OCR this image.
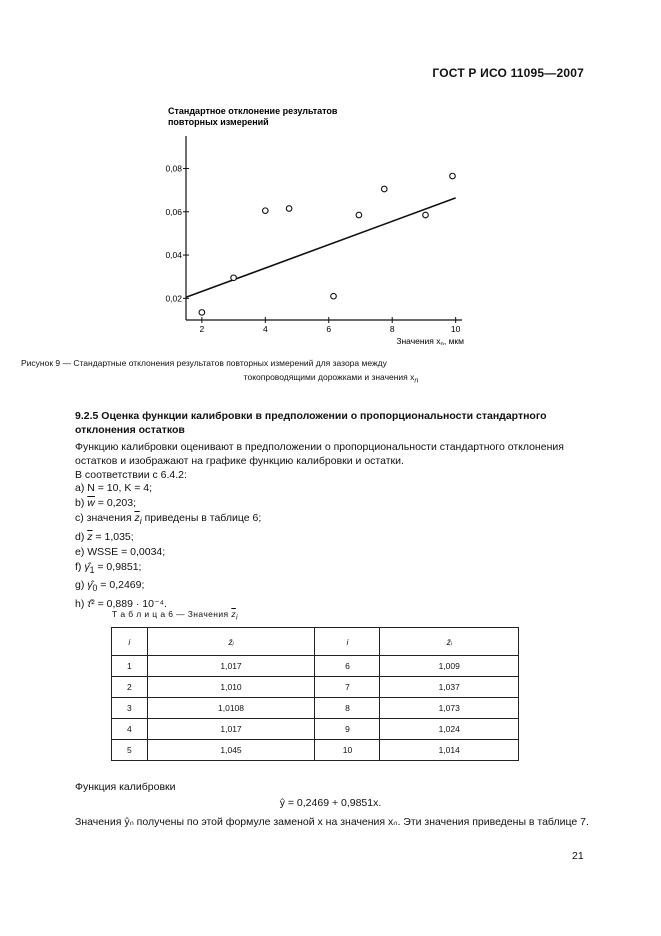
ГОСТ Р ИСО 11095—2007
Стандартное отклонение результатов
повторных измерений
0,02
0,04
0,06
0,08
2	4	6	8	10
Значения $x_n$, мкм
Рисунок 9 — Стандартные отклонения результатов повторных измерений для зазора между
токопроводящими дорожками и значения $x_n$
9.2.5 Оценка функции калибровки в предположении о пропорциональности стандартного отклонения остатков
Функцию калибровки оценивают в предположении о пропорциональности стандартного отклонения остатков и изображают на графике функцию калибровки и остатки.
В соответствии с 6.4.2:
a) N = 10, K = 4;
b) $\overline{w} = 0,203$;
c) значения $\overline{z}_i$ приведены в таблице 6;
d) $\overline{z} = 1,035$;
e) WSSE = 0,0034;
f) $\gammâ_1 = 0,9851$;
g) $\gammâ_0 = 0,2469$;
h) τ̂² = 0,889 · 10⁻⁴.
Т а б л и ц а 6 — Значения $\overline{z}_i$
i	z̄ᵢ	i	z̄ᵢ
1	1,017	6	1,009
2	1,010	7	1,037
3	1,0108	8	1,073
4	1,017	9	1,024
5	1,045	10	1,014
Функция калибровки
ŷ = 0,2469 + 0,9851x.
Значения ŷₙ получены по этой формуле заменой x на значения xₙ. Эти значения приведены в таблице 7.
21
